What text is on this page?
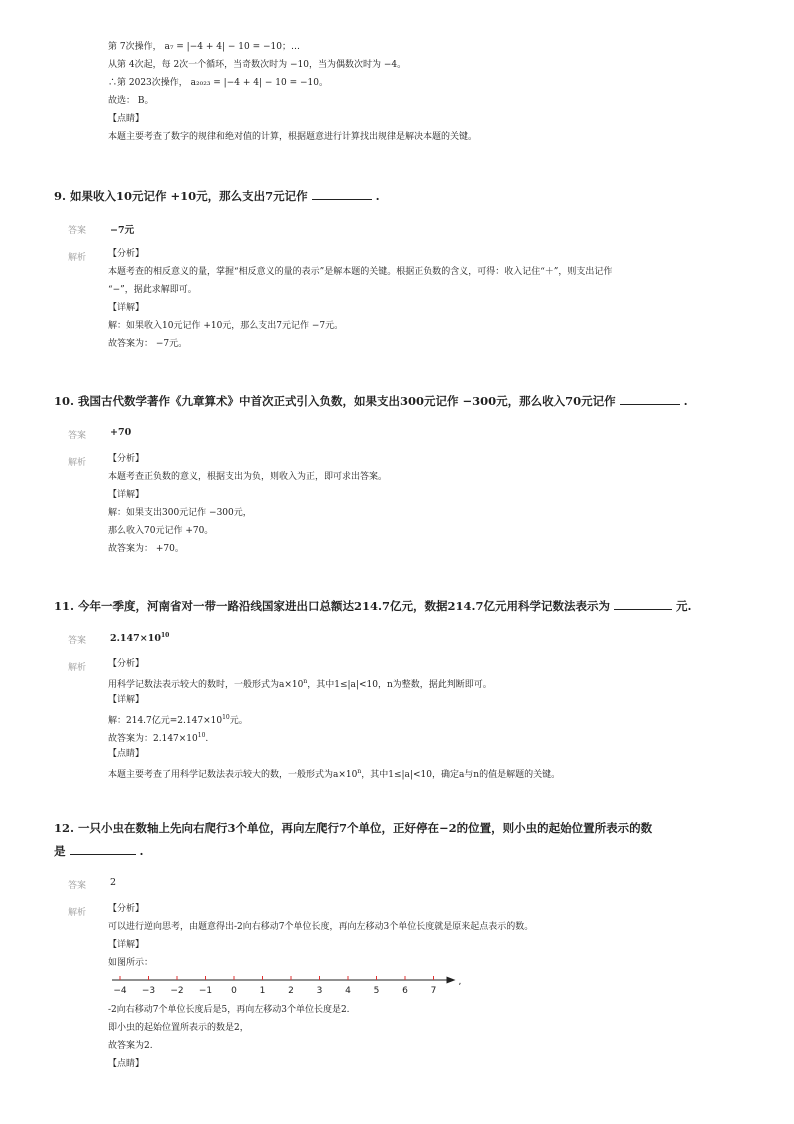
第 7次操作， a₇ = |−4 + 4| − 10 = −10；…
从第 4次起，每 2次一个循环，当奇数次时为 −10，当为偶数次时为 −4。
∴第 2023次操作， a₂₀₂₃ = |−4 + 4| − 10 = −10。
故选： B。
【点睛】
本题主要考查了数字的规律和绝对值的计算，根据题意进行计算找出规律是解决本题的关键。
9. 如果收入10元记作 +10元，那么支出7元记作	.
答案	−7元
解析 【分析】
本题考查的相反意义的量，掌握“相反意义的量的表示”是解本题的关键。根据正负数的含义，可得：收入记住“＋”，则支出记作
“−”，据此求解即可。
【详解】
解：如果收入10元记作 +10元，那么支出7元记作 −7元。
故答案为： −7元。
10. 我国古代数学著作《九章算术》中首次正式引入负数，如果支出300元记作 −300元，那么收入70元记作	.
答案	+70
解析 【分析】
本题考查正负数的意义，根据支出为负，则收入为正，即可求出答案。
【详解】
解：如果支出300元记作 −300元，
那么收入70元记作 +70。
故答案为： +70。
11. 今年一季度，河南省对一带一路沿线国家进出口总额达214.7亿元，数据214.7亿元用科学记数法表示为	元.
答案	$2.147\times 10^{10}$
解析 【分析】
用科学记数法表示较大的数时，一般形式为$a\times 10^n$，其中1≤|a|<10，n为整数，据此判断即可。
【详解】
解：214.7亿元$=2.147\times 10^{10}$元。
故答案为：$2.147\times 10^{10}$.
【点睛】
本题主要考查了用科学记数法表示较大的数，一般形式为$a\times 10^n$，其中1≤|a|<10，确定a与n的值是解题的关键。
12. 一只小虫在数轴上先向右爬行3个单位，再向左爬行7个单位，正好停在−2的位置，则小虫的起始位置所表示的数
是	.
答案	2
解析 【分析】
可以进行逆向思考，由题意得出-2向右移动7个单位长度，再向左移动3个单位长度就是原来起点表示的数。
【详解】
如图所示：
−4 −3 −2 −1 0	1	2	3	4	5	6	7
,
-2向右移动7个单位长度后是5，再向左移动3个单位长度是2.
即小虫的起始位置所表示的数是2，
故答案为2.
【点睛】
